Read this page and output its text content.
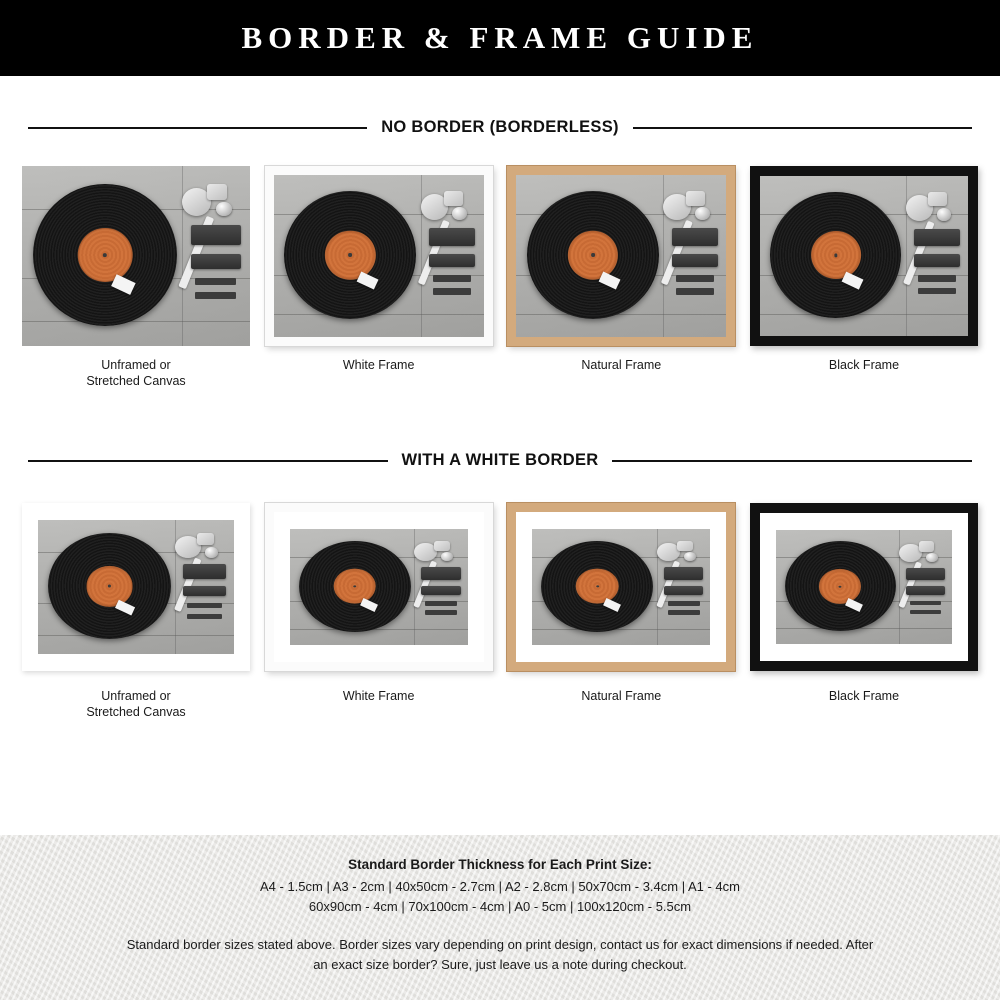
BORDER & FRAME GUIDE
NO BORDER (BORDERLESS)
Unframed or
Stretched Canvas
White Frame	Natural Frame	Black Frame
WITH A WHITE BORDER
Unframed or
Stretched Canvas
White Frame	Natural Frame	Black Frame
Standard Border Thickness for Each Print Size:
A4 - 1.5cm | A3 - 2cm | 40x50cm - 2.7cm | A2 - 2.8cm | 50x70cm - 3.4cm | A1 - 4cm
60x90cm - 4cm | 70x100cm - 4cm | A0 - 5cm | 100x120cm - 5.5cm
Standard border sizes stated above. Border sizes vary depending on print design, contact us for exact dimensions if needed. After an exact size border? Sure, just leave us a note during checkout.
